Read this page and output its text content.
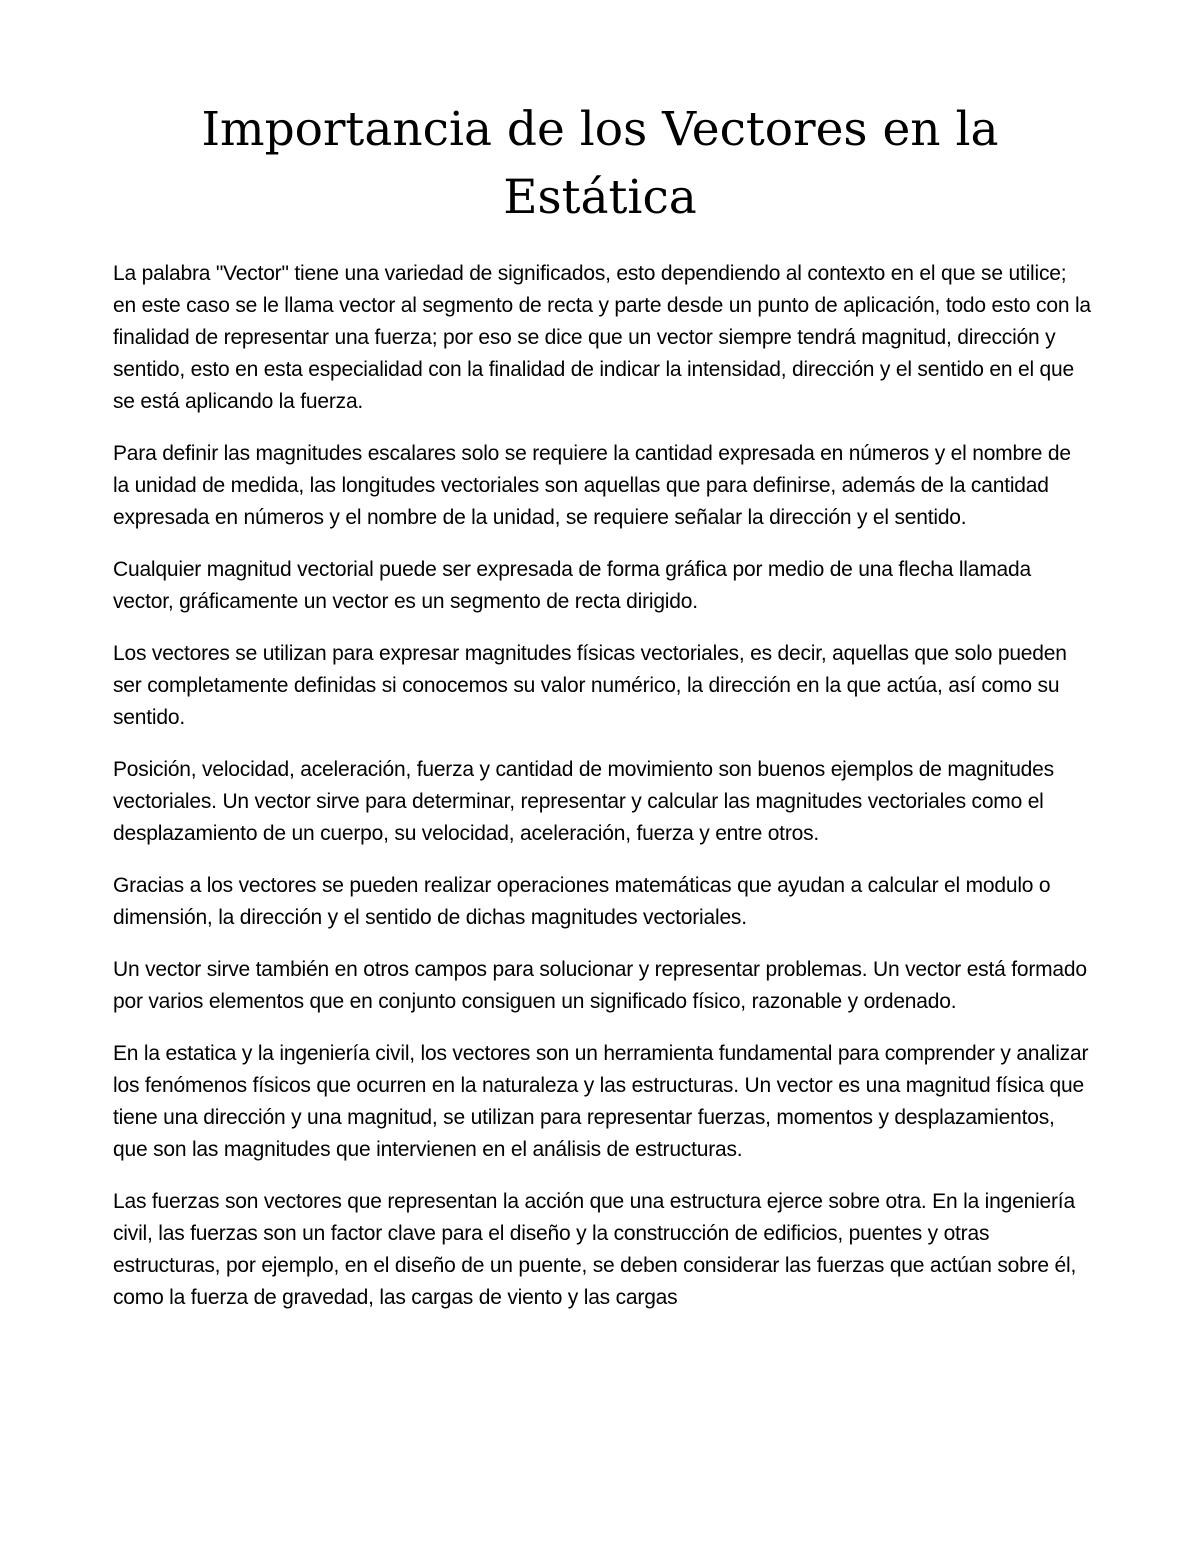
Importancia de los Vectores en la Estática

La palabra "Vector" tiene una variedad de significados, esto dependiendo al contexto en el que se utilice; en este caso se le llama vector al segmento de recta y parte desde un punto de aplicación, todo esto con la finalidad de representar una fuerza; por eso se dice que un vector siempre tendrá magnitud, dirección y sentido, esto en esta especialidad con la finalidad de indicar la intensidad, dirección y el sentido en el que se está aplicando la fuerza.

Para definir las magnitudes escalares solo se requiere la cantidad expresada en números y el nombre de la unidad de medida, las longitudes vectoriales son aquellas que para definirse, además de la cantidad expresada en números y el nombre de la unidad, se requiere señalar la dirección y el sentido.

Cualquier magnitud vectorial puede ser expresada de forma gráfica por medio de una flecha llamada vector, gráficamente un vector es un segmento de recta dirigido.

Los vectores se utilizan para expresar magnitudes físicas vectoriales, es decir, aquellas que solo pueden ser completamente definidas si conocemos su valor numérico, la dirección en la que actúa, así como su sentido.

Posición, velocidad, aceleración, fuerza y cantidad de movimiento son buenos ejemplos de magnitudes vectoriales. Un vector sirve para determinar, representar y calcular las magnitudes vectoriales como el desplazamiento de un cuerpo, su velocidad, aceleración, fuerza y entre otros.

Gracias a los vectores se pueden realizar operaciones matemáticas que ayudan a calcular el modulo o dimensión, la dirección y el sentido de dichas magnitudes vectoriales.

Un vector sirve también en otros campos para solucionar y representar problemas. Un vector está formado por varios elementos que en conjunto consiguen un significado físico, razonable y ordenado.

En la estatica y la ingeniería civil, los vectores son un herramienta fundamental para comprender y analizar los fenómenos físicos que ocurren en la naturaleza y las estructuras. Un vector es una magnitud física que tiene una dirección y una magnitud, se utilizan para representar fuerzas, momentos y desplazamientos, que son las magnitudes que intervienen en el análisis de estructuras.

Las fuerzas son vectores que representan la acción que una estructura ejerce sobre otra. En la ingeniería civil, las fuerzas son un factor clave para el diseño y la construcción de edificios, puentes y otras estructuras, por ejemplo, en el diseño de un puente, se deben considerar las fuerzas que actúan sobre él, como la fuerza de gravedad, las cargas de viento y las cargas
